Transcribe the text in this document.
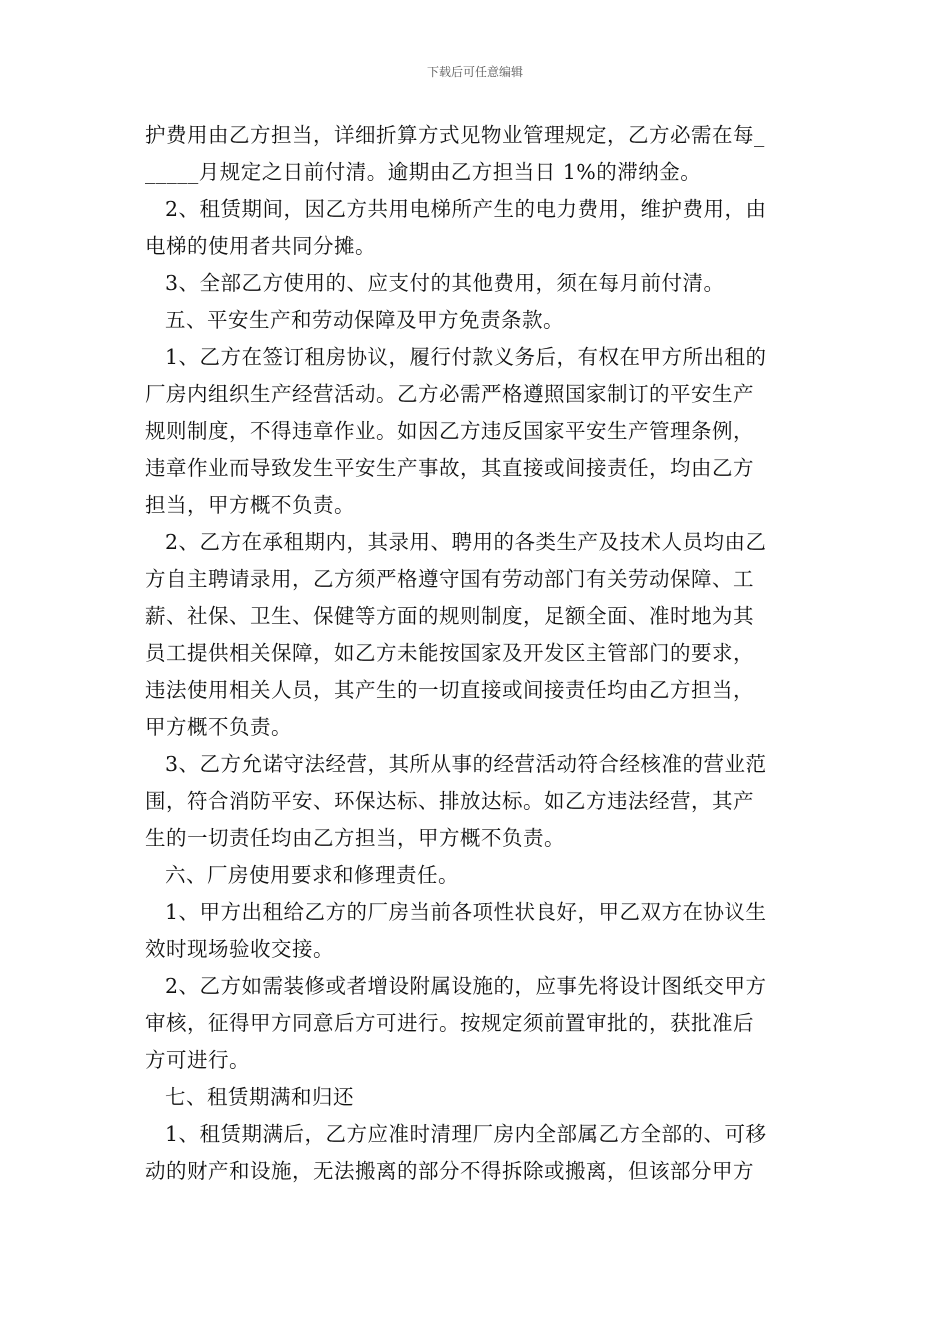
下载后可任意编辑
护费用由乙方担当，详细折算方式见物业管理规定，乙方必需在每_
_____月规定之日前付清。逾期由乙方担当日 1%的滞纳金。
2、租赁期间，因乙方共用电梯所产生的电力费用，维护费用，由
电梯的使用者共同分摊。
3、全部乙方使用的、应支付的其他费用，须在每月前付清。
五、平安生产和劳动保障及甲方免责条款。
1、乙方在签订租房协议，履行付款义务后，有权在甲方所出租的
厂房内组织生产经营活动。乙方必需严格遵照国家制订的平安生产
规则制度，不得违章作业。如因乙方违反国家平安生产管理条例，
违章作业而导致发生平安生产事故，其直接或间接责任，均由乙方
担当，甲方概不负责。
2、乙方在承租期内，其录用、聘用的各类生产及技术人员均由乙
方自主聘请录用，乙方须严格遵守国有劳动部门有关劳动保障、工
薪、社保、卫生、保健等方面的规则制度，足额全面、准时地为其
员工提供相关保障，如乙方未能按国家及开发区主管部门的要求，
违法使用相关人员，其产生的一切直接或间接责任均由乙方担当，
甲方概不负责。
3、乙方允诺守法经营，其所从事的经营活动符合经核准的营业范
围，符合消防平安、环保达标、排放达标。如乙方违法经营，其产
生的一切责任均由乙方担当，甲方概不负责。
六、厂房使用要求和修理责任。
1、甲方出租给乙方的厂房当前各项性状良好，甲乙双方在协议生
效时现场验收交接。
2、乙方如需装修或者增设附属设施的，应事先将设计图纸交甲方
审核，征得甲方同意后方可进行。按规定须前置审批的，获批准后
方可进行。
七、租赁期满和归还
1、租赁期满后，乙方应准时清理厂房内全部属乙方全部的、可移
动的财产和设施，无法搬离的部分不得拆除或搬离，但该部分甲方
